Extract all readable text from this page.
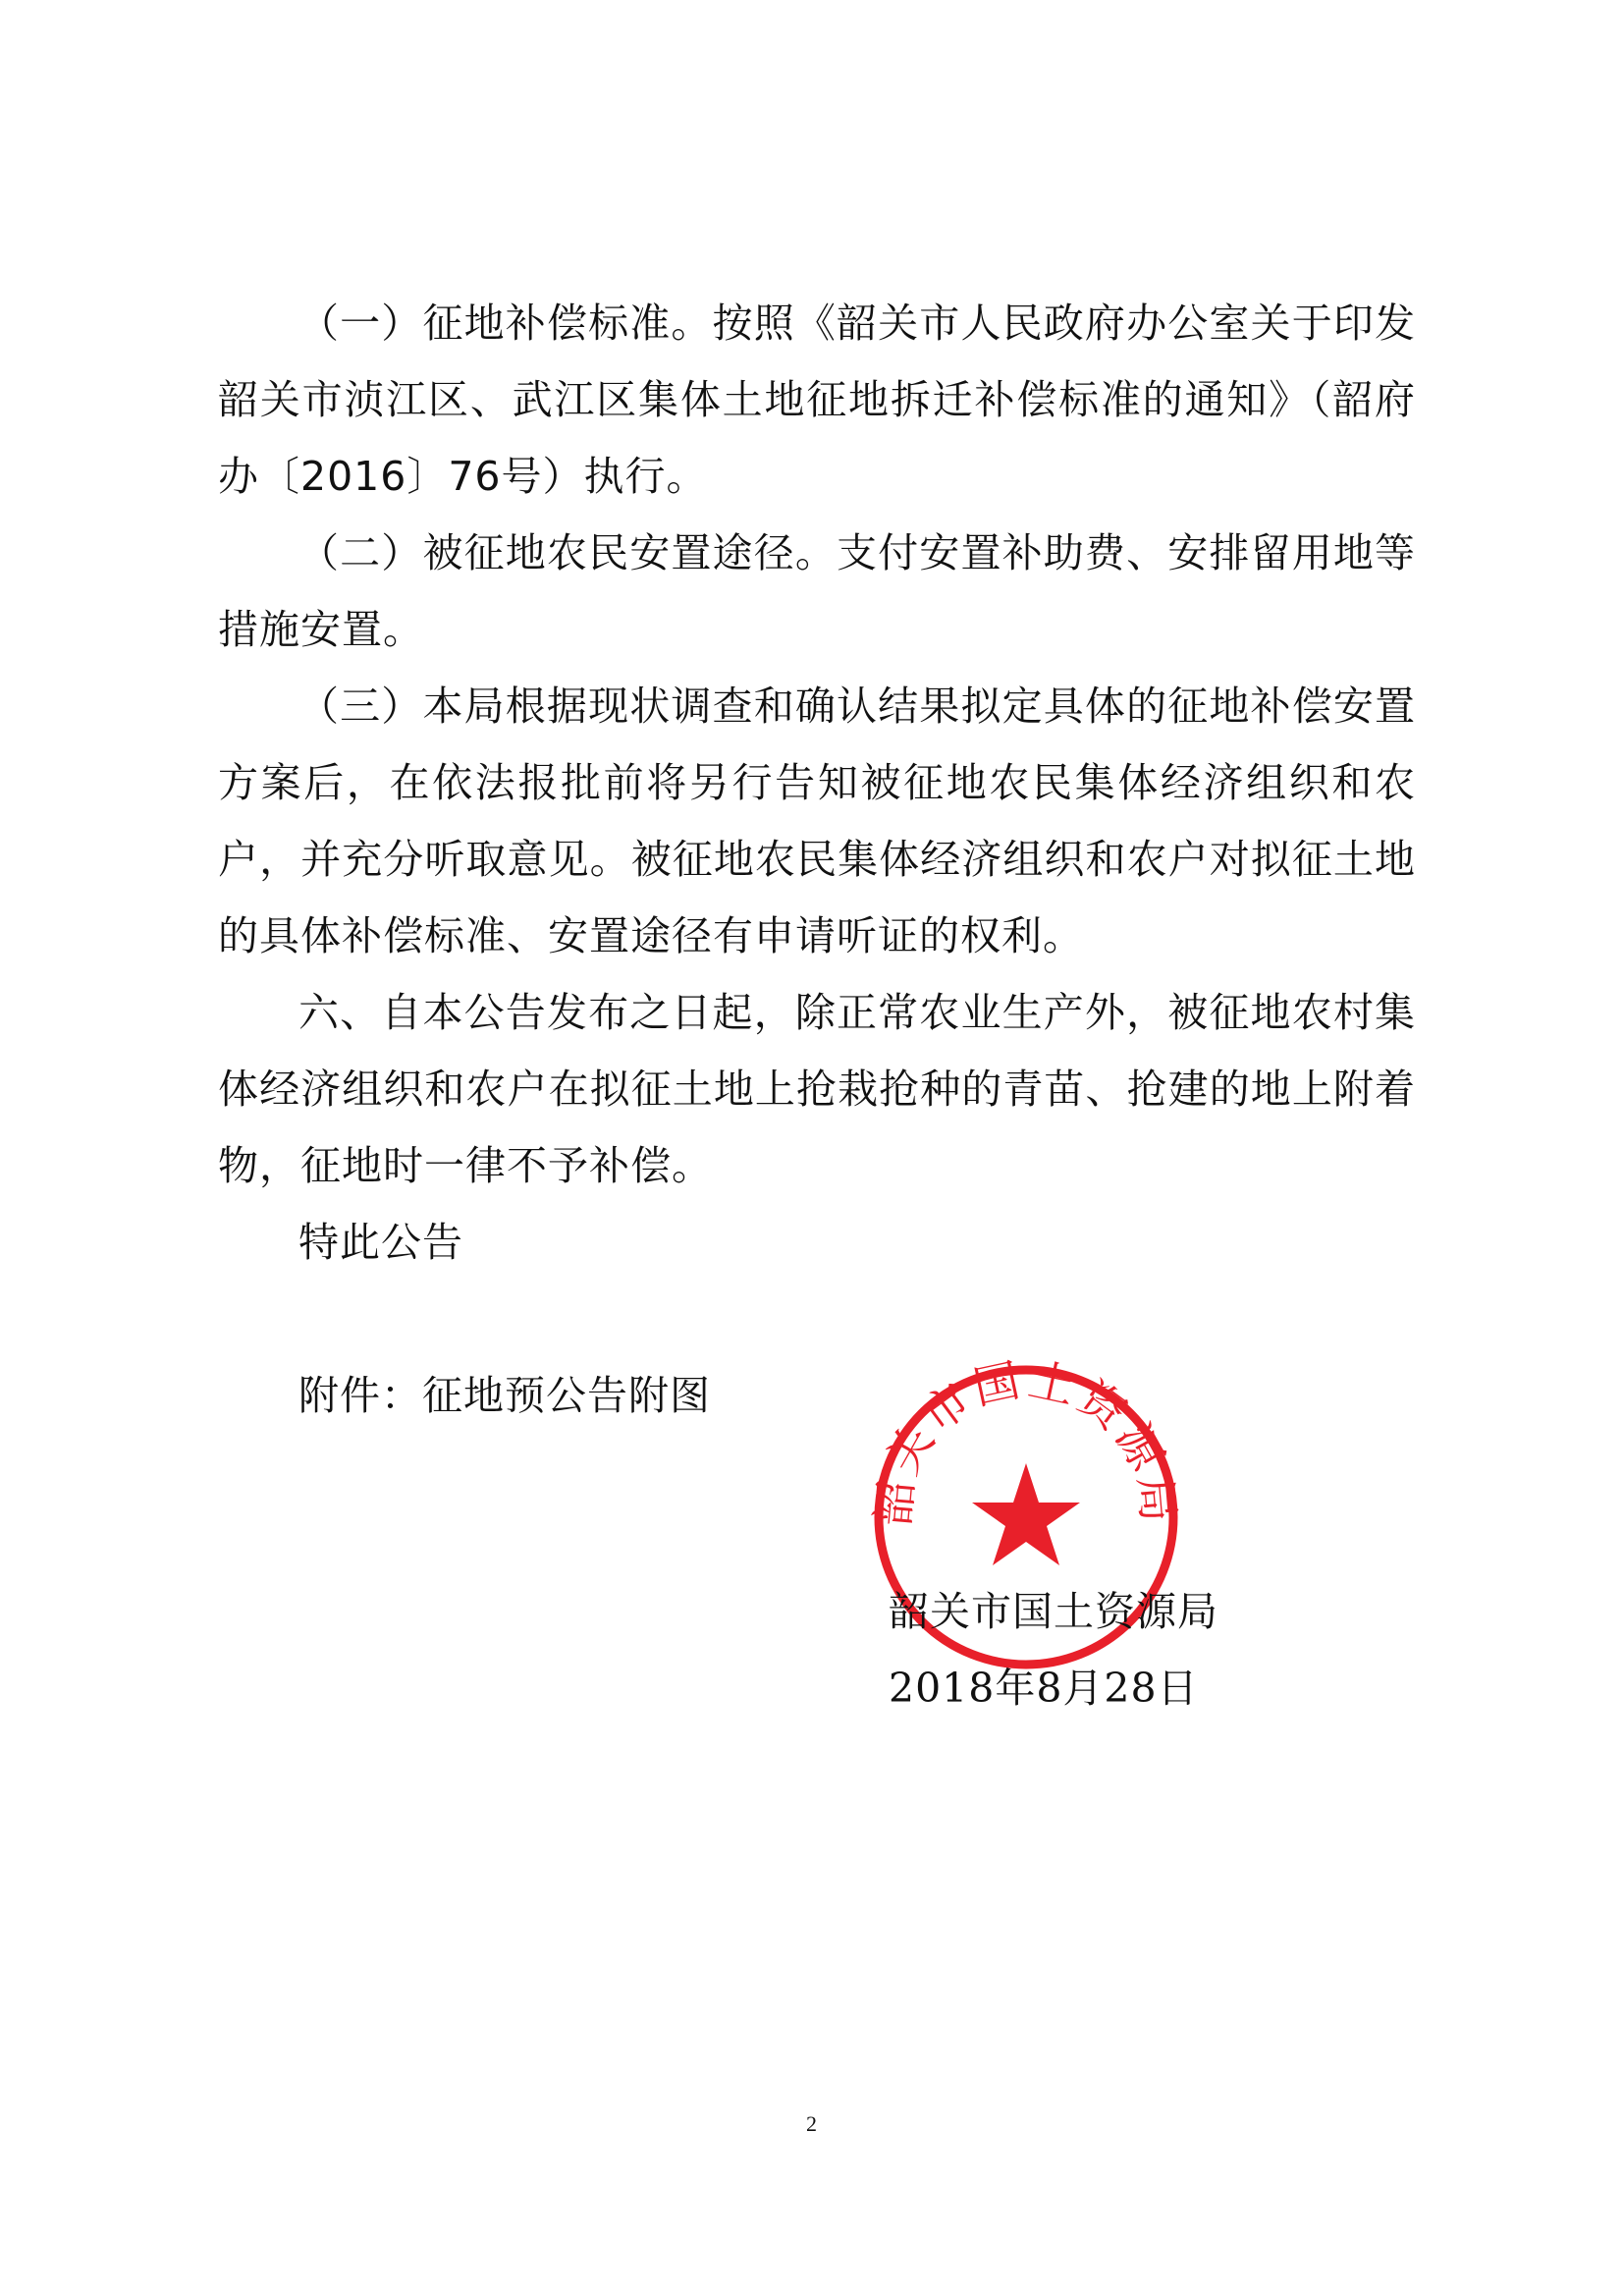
（一）征地补偿标准。按照《韶关市人民政府办公室关于印发韶关市浈江区、武江区集体土地征地拆迁补偿标准的通知》（韶府办〔2016〕76号）执行。

（二）被征地农民安置途径。支付安置补助费、安排留用地等措施安置。

（三）本局根据现状调查和确认结果拟定具体的征地补偿安置方案后，在依法报批前将另行告知被征地农民集体经济组织和农户，并充分听取意见。被征地农民集体经济组织和农户对拟征土地的具体补偿标准、安置途径有申请听证的权利。

六、自本公告发布之日起，除正常农业生产外，被征地农村集体经济组织和农户在拟征土地上抢栽抢种的青苗、抢建的地上附着物，征地时一律不予补偿。

特此公告

附件：征地预公告附图

韶关市国土资源局

韶关市国土资源局

2018年8月28日

2
